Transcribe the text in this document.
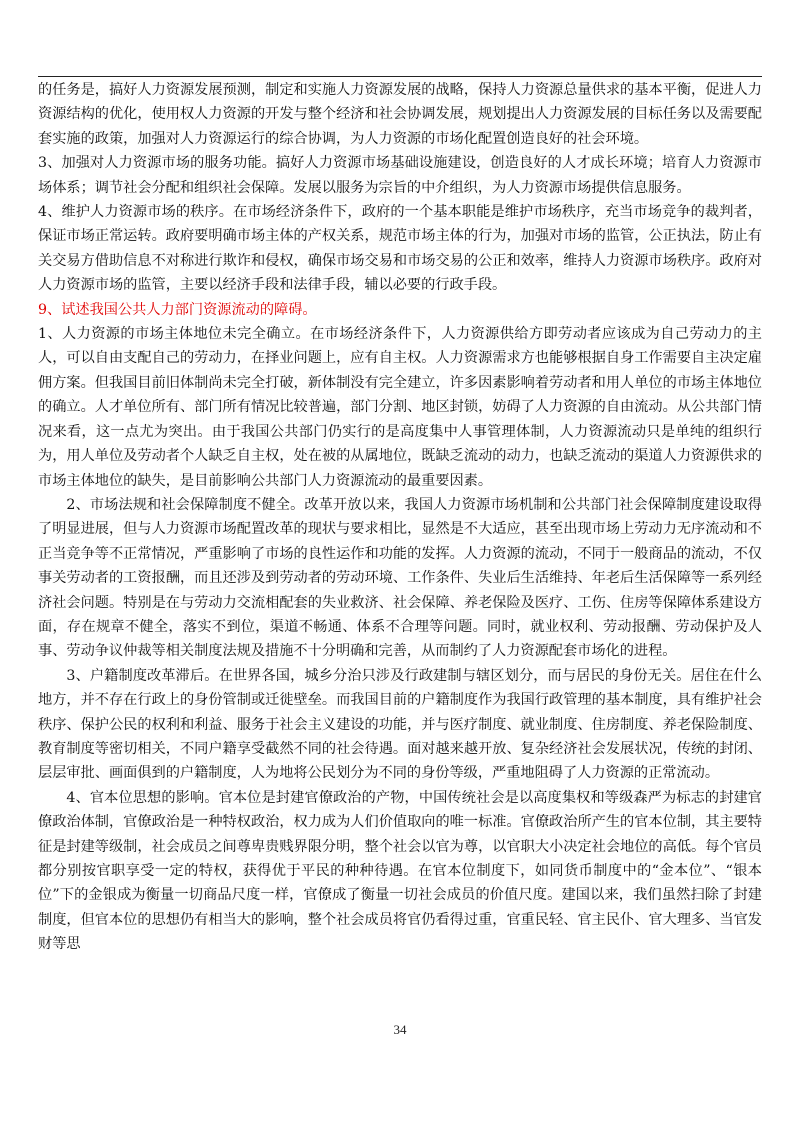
的任务是，搞好人力资源发展预测，制定和实施人力资源发展的战略，保持人力资源总量供求的基本平衡，促进人力资源结构的优化，使用权人力资源的开发与整个经济和社会协调发展，规划提出人力资源发展的目标任务以及需要配套实施的政策，加强对人力资源运行的综合协调，为人力资源的市场化配置创造良好的社会环境。

3、加强对人力资源市场的服务功能。搞好人力资源市场基础设施建设，创造良好的人才成长环境；培育人力资源市场体系；调节社会分配和组织社会保障。发展以服务为宗旨的中介组织，为人力资源市场提供信息服务。

4、维护人力资源市场的秩序。在市场经济条件下，政府的一个基本职能是维护市场秩序，充当市场竞争的裁判者，保证市场正常运转。政府要明确市场主体的产权关系，规范市场主体的行为，加强对市场的监管，公正执法，防止有关交易方借助信息不对称进行欺诈和侵权，确保市场交易和市场交易的公正和效率，维持人力资源市场秩序。政府对人力资源市场的监管，主要以经济手段和法律手段，辅以必要的行政手段。

9、试述我国公共人力部门资源流动的障碍。

1、人力资源的市场主体地位未完全确立。在市场经济条件下，人力资源供给方即劳动者应该成为自己劳动力的主人，可以自由支配自己的劳动力，在择业问题上，应有自主权。人力资源需求方也能够根据自身工作需要自主决定雇佣方案。但我国目前旧体制尚未完全打破，新体制没有完全建立，许多因素影响着劳动者和用人单位的市场主体地位的确立。人才单位所有、部门所有情况比较普遍，部门分割、地区封锁，妨碍了人力资源的自由流动。从公共部门情况来看，这一点尤为突出。由于我国公共部门仍实行的是高度集中人事管理体制，人力资源流动只是单纯的组织行为，用人单位及劳动者个人缺乏自主权，处在被的从属地位，既缺乏流动的动力，也缺乏流动的渠道人力资源供求的市场主体地位的缺失，是目前影响公共部门人力资源流动的最重要因素。

2、市场法规和社会保障制度不健全。改革开放以来，我国人力资源市场机制和公共部门社会保障制度建设取得了明显进展，但与人力资源市场配置改革的现状与要求相比，显然是不大适应，甚至出现市场上劳动力无序流动和不正当竞争等不正常情况，严重影响了市场的良性运作和功能的发挥。人力资源的流动，不同于一般商品的流动，不仅事关劳动者的工资报酬，而且还涉及到劳动者的劳动环境、工作条件、失业后生活维持、年老后生活保障等一系列经济社会问题。特别是在与劳动力交流相配套的失业救济、社会保障、养老保险及医疗、工伤、住房等保障体系建设方面，存在规章不健全，落实不到位，渠道不畅通、体系不合理等问题。同时，就业权利、劳动报酬、劳动保护及人事、劳动争议仲裁等相关制度法规及措施不十分明确和完善，从而制约了人力资源配套市场化的进程。

3、户籍制度改革滞后。在世界各国，城乡分治只涉及行政建制与辖区划分，而与居民的身份无关。居住在什么地方，并不存在行政上的身份管制或迁徙壁垒。而我国目前的户籍制度作为我国行政管理的基本制度，具有维护社会秩序、保护公民的权利和利益、服务于社会主义建设的功能，并与医疗制度、就业制度、住房制度、养老保险制度、教育制度等密切相关，不同户籍享受截然不同的社会待遇。面对越来越开放、复杂经济社会发展状况，传统的封闭、层层审批、画面俱到的户籍制度，人为地将公民划分为不同的身份等级，严重地阻碍了人力资源的正常流动。

4、官本位思想的影响。官本位是封建官僚政治的产物，中国传统社会是以高度集权和等级森严为标志的封建官僚政治体制，官僚政治是一种特权政治，权力成为人们价值取向的唯一标准。官僚政治所产生的官本位制，其主要特征是封建等级制，社会成员之间尊卑贵贱界限分明，整个社会以官为尊，以官职大小决定社会地位的高低。每个官员都分别按官职享受一定的特权，获得优于平民的种种待遇。在官本位制度下，如同货币制度中的“金本位”、“银本位”下的金银成为衡量一切商品尺度一样，官僚成了衡量一切社会成员的价值尺度。建国以来，我们虽然扫除了封建制度，但官本位的思想仍有相当大的影响，整个社会成员将官仍看得过重，官重民轻、官主民仆、官大理多、当官发财等思

34
